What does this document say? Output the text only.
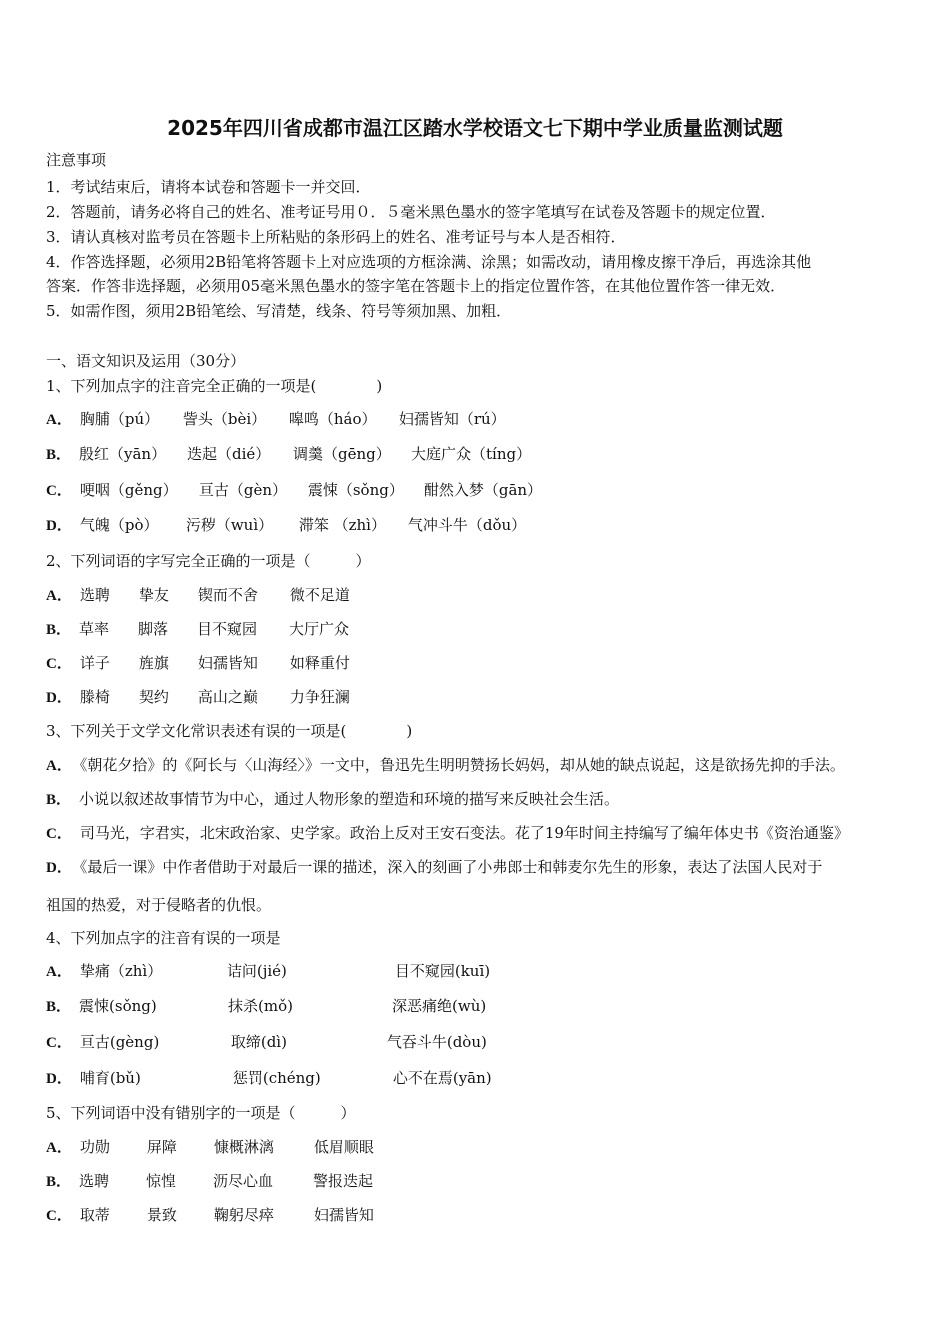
2025年四川省成都市温江区踏水学校语文七下期中学业质量监测试题
注意事项
1．考试结束后，请将本试卷和答题卡一并交回．
2．答题前，请务必将自己的姓名、准考证号用０．５毫米黑色墨水的签字笔填写在试卷及答题卡的规定位置．
3．请认真核对监考员在答题卡上所粘贴的条形码上的姓名、准考证号与本人是否相符．
4．作答选择题，必须用2B铅笔将答题卡上对应选项的方框涂满、涂黑；如需改动，请用橡皮擦干净后，再选涂其他
答案．作答非选择题，必须用05毫米黑色墨水的签字笔在答题卡上的指定位置作答，在其他位置作答一律无效．
5．如需作图，须用2B铅笔绘、写清楚，线条、符号等须加黑、加粗．
一、语文知识及运用（30分）
1、下列加点字的注音完全正确的一项是(　　　　)
A． 胸脯（pú） 訾头（bèi） 嗥鸣（háo） 妇孺皆知（rú）
B． 殷红（yān） 迭起（dié） 调羹（gēng） 大庭广众（tíng）
C． 哽咽（gěng） 亘古（gèn） 震悚（sǒng） 酣然入梦（gān）
D． 气魄（pò） 污秽（wuì） 滞笨 （zhì） 气冲斗牛（dǒu）
2、下列词语的字写完全正确的一项是（　　　）
A． 选聘 挚友 锲而不舍 微不足道
B． 草率 脚落 目不窥园 大厅广众
C． 详子 旌旗 妇孺皆知 如释重付
D． 滕椅 契约 高山之巅 力争狂澜
3、下列关于文学文化常识表述有误的一项是(　　　　)
A． 《朝花夕拾》的《阿长与〈山海经〉》一文中，鲁迅先生明明赞扬长妈妈，却从她的缺点说起，这是欲扬先抑的手法。
B． 小说以叙述故事情节为中心，通过人物形象的塑造和环境的描写来反映社会生活。
C． 司马光，字君实，北宋政治家、史学家。政治上反对王安石变法。花了19年时间主持编写了编年体史书《资治通鉴》
D． 《最后一课》中作者借助于对最后一课的描述，深入的刻画了小弗郎士和韩麦尔先生的形象，表达了法国人民对于
祖国的热爱，对于侵略者的仇恨。
4、下列加点字的注音有误的一项是
A． 挚痛（zhì）	诘问(jié)	目不窥园(kuī)
B． 震悚(sǒng)	抹杀(mǒ)	深恶痛绝(wù)
C． 亘古(gèng)	取缔(dì)	气吞斗牛(dòu)
D． 哺育(bǔ)	惩罚(chéng)	心不在焉(yān)
5、下列词语中没有错别字的一项是（　　　）
A． 功勋 屏障 慷概淋漓	低眉顺眼
B． 选聘 惊惶 沥尽心血	警报迭起
C． 取蒂 景致 鞠躬尽瘁	妇孺皆知
